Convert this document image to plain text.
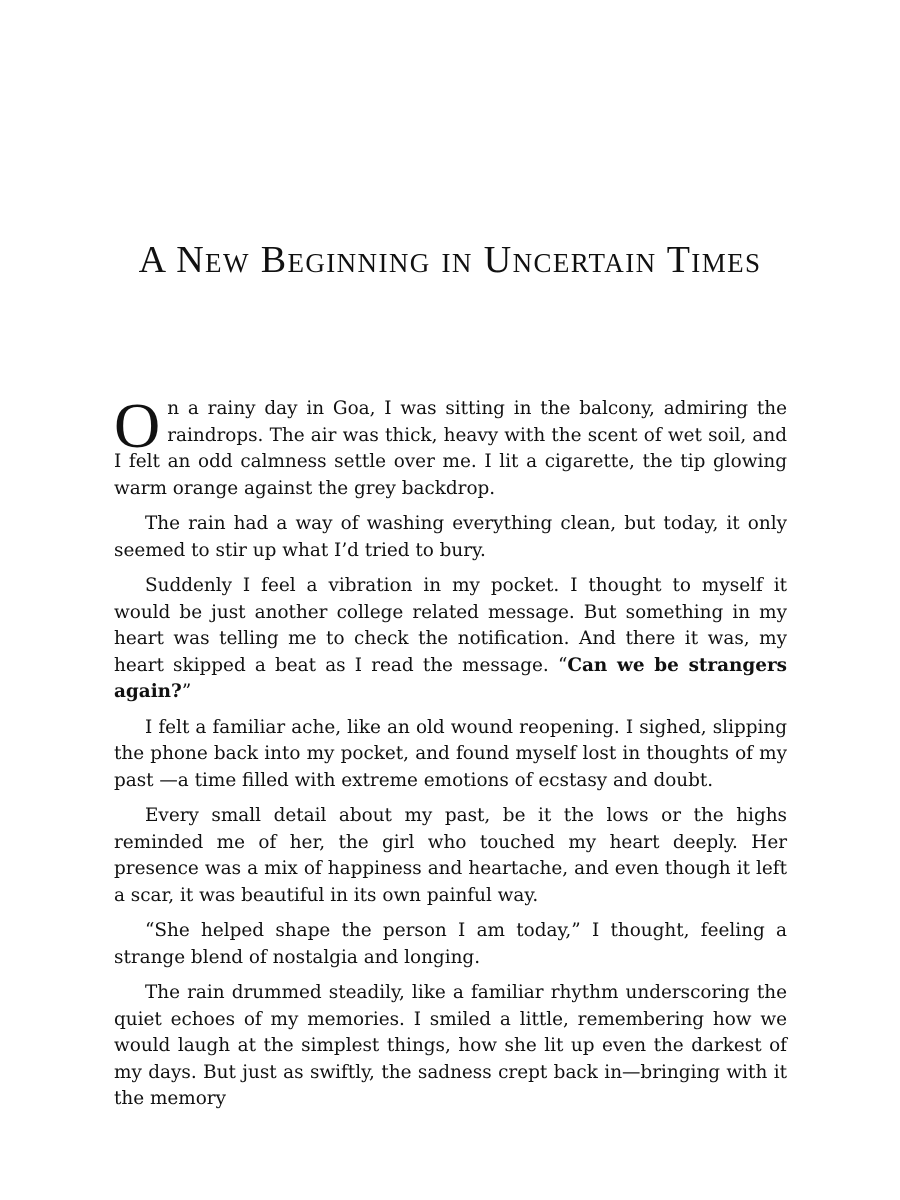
A New Beginning in Uncertain Times

On a rainy day in Goa, I was sitting in the balcony, admiring the raindrops. The air was thick, heavy with the scent of wet soil, and I felt an odd calmness settle over me. I lit a cigarette, the tip glowing warm orange against the grey backdrop.

The rain had a way of washing everything clean, but today, it only seemed to stir up what I’d tried to bury.

Suddenly I feel a vibration in my pocket. I thought to myself it would be just another college related message. But something in my heart was telling me to check the notification. And there it was, my heart skipped a beat as I read the message. “Can we be strangers again?”

I felt a familiar ache, like an old wound reopening. I sighed, slipping the phone back into my pocket, and found myself lost in thoughts of my past —a time filled with extreme emotions of ecstasy and doubt.

Every small detail about my past, be it the lows or the highs reminded me of her, the girl who touched my heart deeply. Her presence was a mix of happiness and heartache, and even though it left a scar, it was beautiful in its own painful way.

“She helped shape the person I am today,” I thought, feeling a strange blend of nostalgia and longing.

The rain drummed steadily, like a familiar rhythm underscoring the quiet echoes of my memories. I smiled a little, remembering how we would laugh at the simplest things, how she lit up even the darkest of my days. But just as swiftly, the sadness crept back in—bringing with it the memory
